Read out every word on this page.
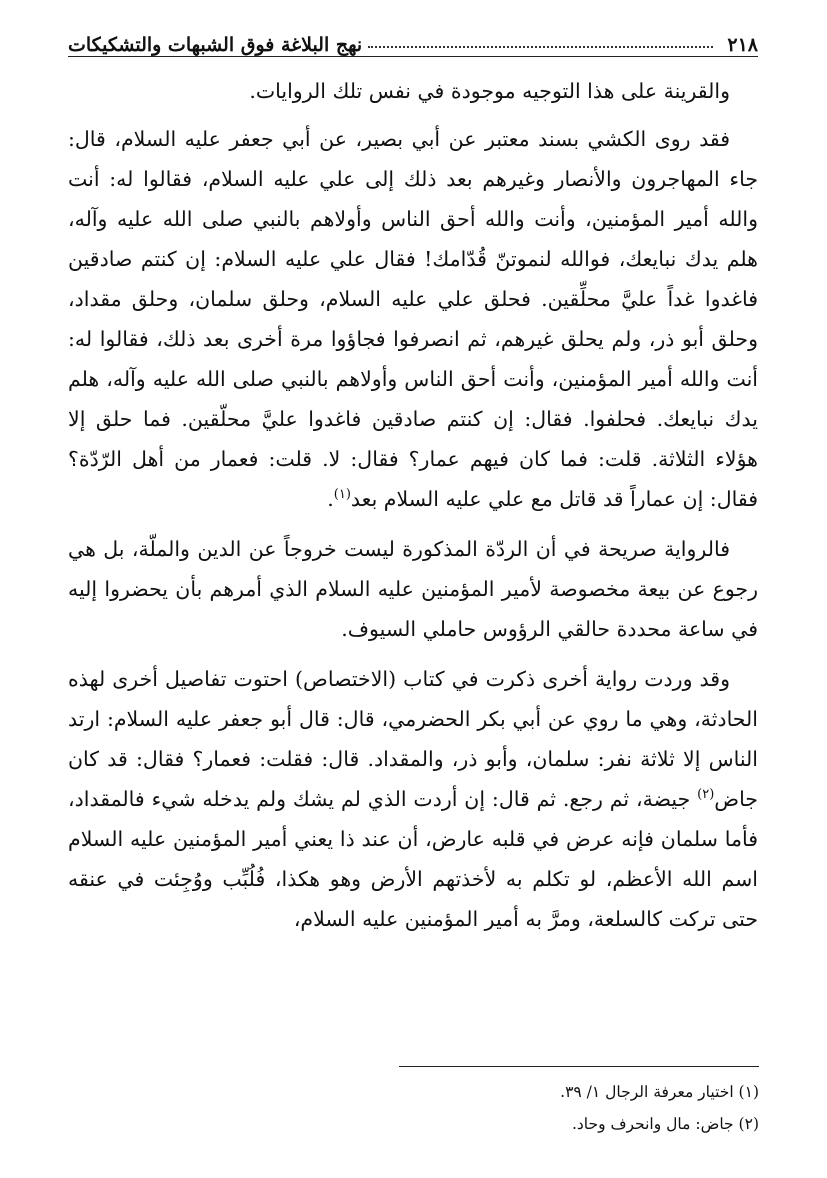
٢١٨
نهج البلاغة فوق الشبهات والتشكيكات

والقرينة على هذا التوجيه موجودة في نفس تلك الروايات.

فقد روى الكشي بسند معتبر عن أبي بصير، عن أبي جعفر عليه السلام، قال: جاء المهاجرون والأنصار وغيرهم بعد ذلك إلى علي عليه السلام، فقالوا له: أنت والله أمير المؤمنين، وأنت والله أحق الناس وأولاهم بالنبي صلى الله عليه وآله، هلم يدك نبايعك، فوالله لنموتنّ قُدّامك! فقال علي عليه السلام: إن كنتم صادقين فاغدوا غداً عليَّ محلِّقين. فحلق علي عليه السلام، وحلق سلمان، وحلق مقداد، وحلق أبو ذر، ولم يحلق غيرهم، ثم انصرفوا فجاؤوا مرة أخرى بعد ذلك، فقالوا له: أنت والله أمير المؤمنين، وأنت أحق الناس وأولاهم بالنبي صلى الله عليه وآله، هلم يدك نبايعك. فحلفوا. فقال: إن كنتم صادقين فاغدوا عليَّ محلّقين. فما حلق إلا هؤلاء الثلاثة. قلت: فما كان فيهم عمار؟ فقال: لا. قلت: فعمار من أهل الرّدّة؟ فقال: إن عماراً قد قاتل مع علي عليه السلام بعد$^{(١)}$.

فالرواية صريحة في أن الردّة المذكورة ليست خروجاً عن الدين والملّة، بل هي رجوع عن بيعة مخصوصة لأمير المؤمنين عليه السلام الذي أمرهم بأن يحضروا إليه في ساعة محددة حالقي الرؤوس حاملي السيوف.

وقد وردت رواية أخرى ذكرت في كتاب (الاختصاص) احتوت تفاصيل أخرى لهذه الحادثة، وهي ما روي عن أبي بكر الحضرمي، قال: قال أبو جعفر عليه السلام: ارتد الناس إلا ثلاثة نفر: سلمان، وأبو ذر، والمقداد. قال: فقلت: فعمار؟ فقال: قد كان جاض$^{(٢)}$ جيضة، ثم رجع. ثم قال: إن أردت الذي لم يشك ولم يدخله شيء فالمقداد، فأما سلمان فإنه عرض في قلبه عارض، أن عند ذا يعني أمير المؤمنين عليه السلام اسم الله الأعظم، لو تكلم به لأخذتهم الأرض وهو هكذا، فُلُبِّب ووُجِئت في عنقه حتى تركت كالسلعة، ومرَّ به أمير المؤمنين عليه السلام،

(١) اختيار معرفة الرجال ١/ ٣٩.

(٢) جاض: مال وانحرف وحاد.
